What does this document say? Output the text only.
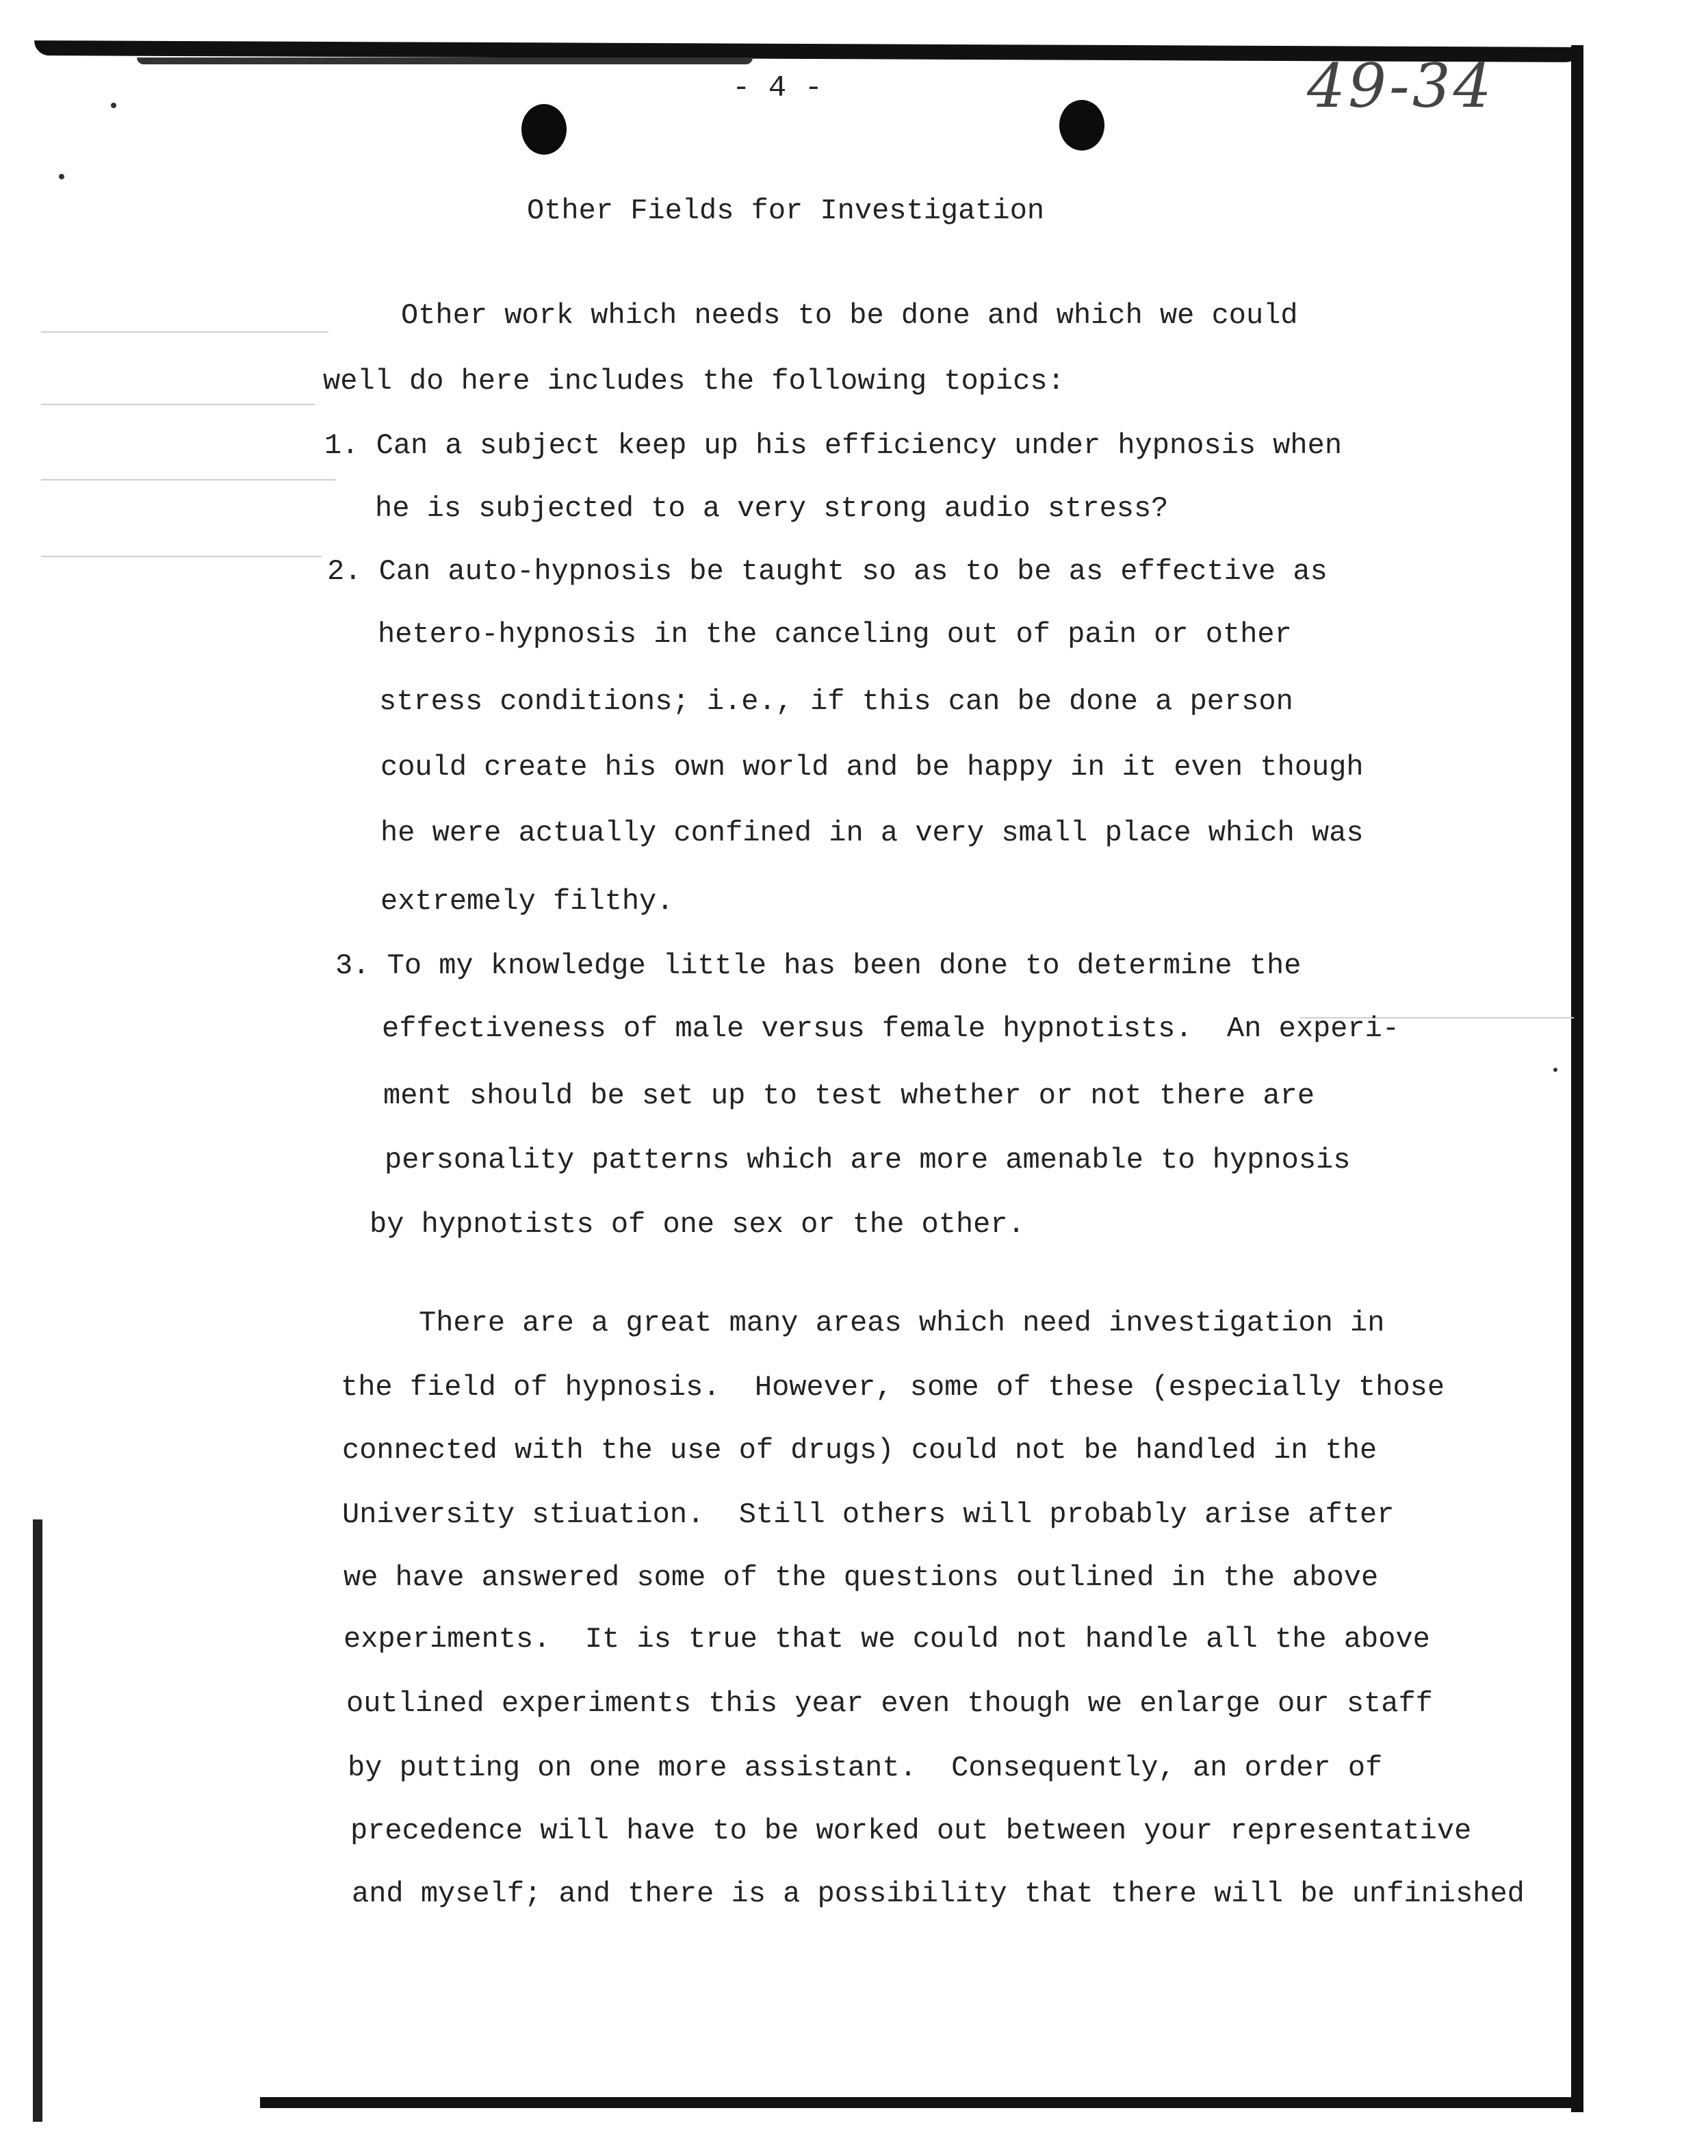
- 4 -	49-34
Other Fields for Investigation
Other work which needs to be done and which we could
well do here includes the following topics:
1. Can a subject keep up his efficiency under hypnosis when
he is subjected to a very strong audio stress?
2. Can auto-hypnosis be taught so as to be as effective as
hetero-hypnosis in the canceling out of pain or other
stress conditions; i.e., if this can be done a person
could create his own world and be happy in it even though
he were actually confined in a very small place which was
extremely filthy.
3. To my knowledge little has been done to determine the
effectiveness of male versus female hypnotists.  An experi-
ment should be set up to test whether or not there are
personality patterns which are more amenable to hypnosis
by hypnotists of one sex or the other.
There are a great many areas which need investigation in
the field of hypnosis.  However, some of these (especially those
connected with the use of drugs) could not be handled in the
University stiuation.  Still others will probably arise after
we have answered some of the questions outlined in the above
experiments.  It is true that we could not handle all the above
outlined experiments this year even though we enlarge our staff
by putting on one more assistant.  Consequently, an order of
precedence will have to be worked out between your representative
and myself; and there is a possibility that there will be unfinished
